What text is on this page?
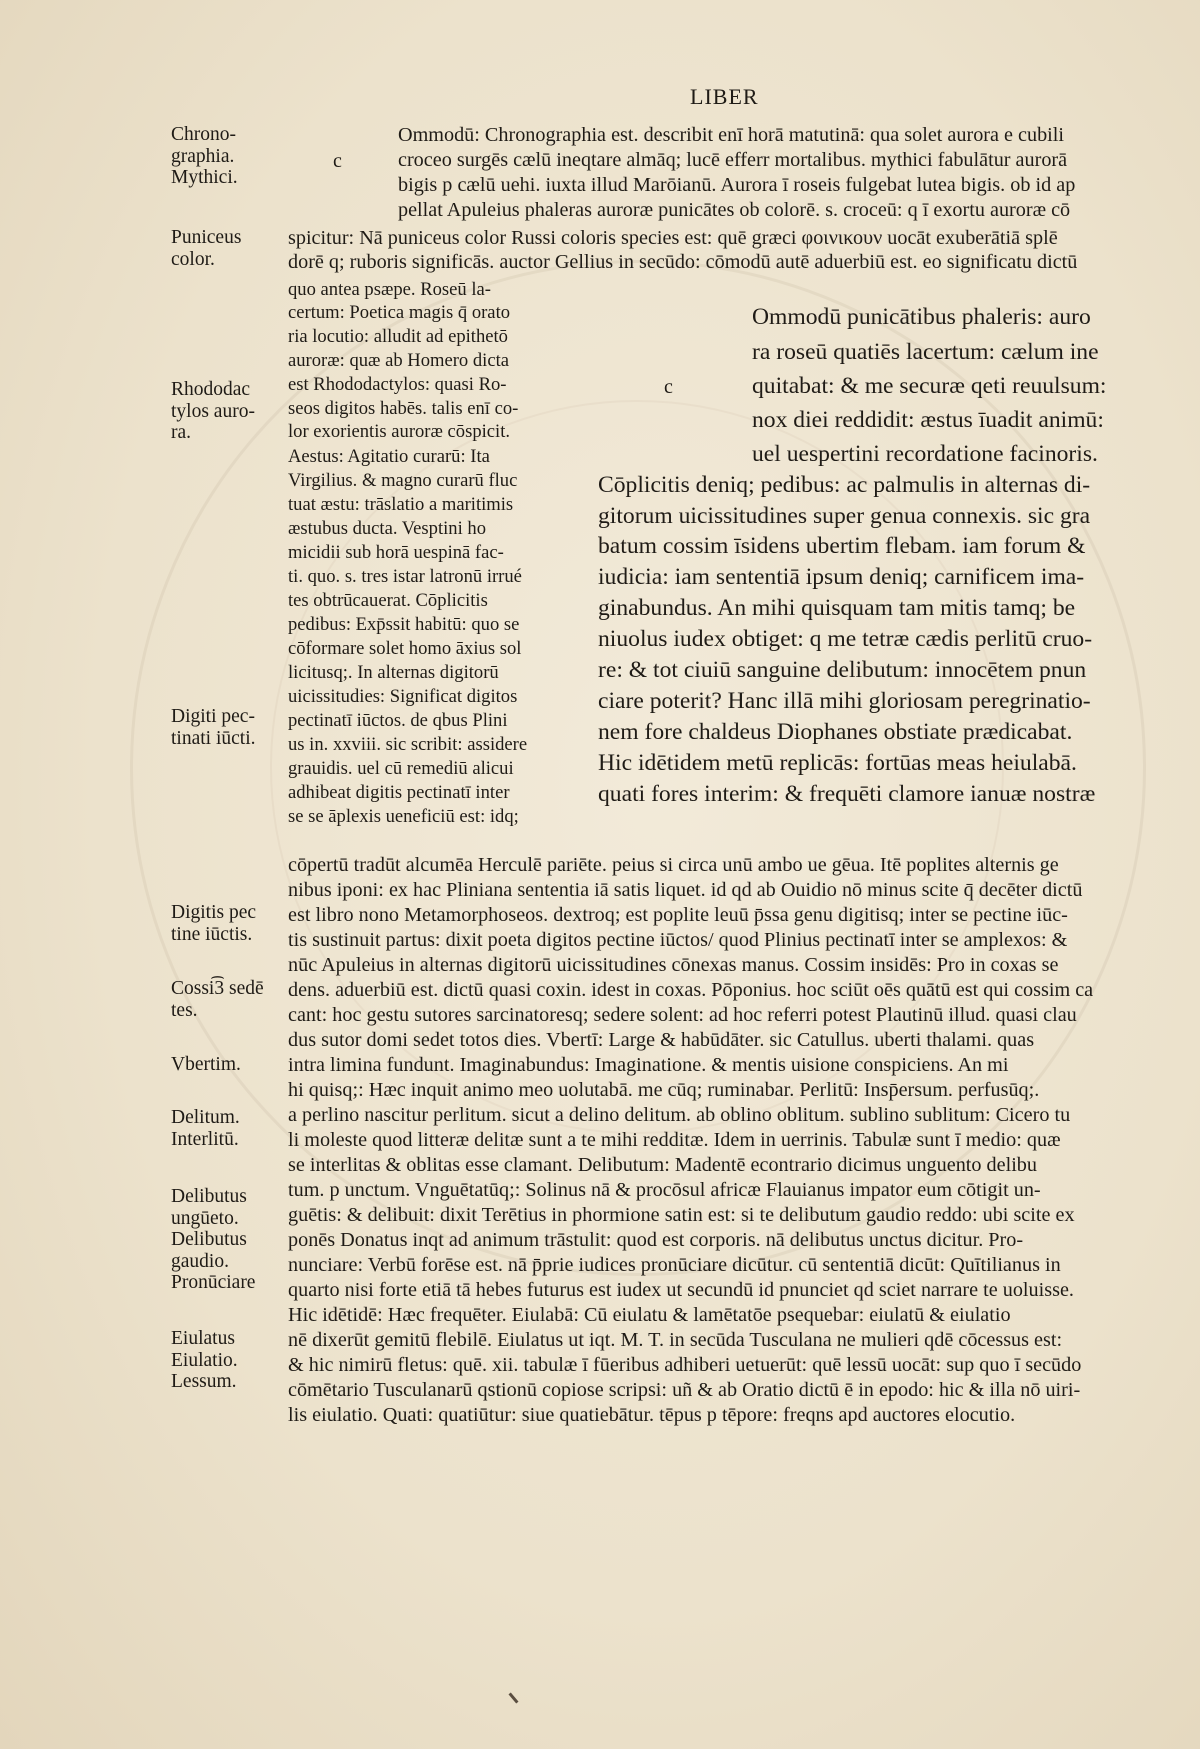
LIBER
c
c
Chrono-
graphia.
Mythici.
Puniceus
color.
Rhododac
tylos auro-
ra.
Digiti pec-
tinati iūcti.
Digitis pec
tine iūctis.
Cossi͡3 sedē
tes.
Vbertim.
Delitum.
Interlitū.
Delibutus
ungūeto.
Delibutus
gaudio.
Pronūciare
Eiulatus
Eiulatio.
Lessum.
Ommodū: Chronographia est. describit enī horā matutinā: qua solet aurora e cubili
croceo surgēs cælū ineqtare almāq; lucē efferr mortalibus. mythici fabulātur aurorā
bigis p cælū uehi. iuxta illud Marōianū. Aurora ī roseis fulgebat lutea bigis. ob id ap
pellat Apuleius phaleras auroræ punicātes ob colorē. s. croceū: q ī exortu auroræ cō
spicitur: Nā puniceus color Russi coloris species est: quē græci φοινικουν uocāt exuberātiā splē
dorē q; ruboris significās. auctor Gellius in secūdo: cōmodū autē aduerbiū est. eo significatu dictū
quo antea psæpe. Roseū la-
certum: Poetica magis q̄ orato
ria locutio: alludit ad epithetō
auroræ: quæ ab Homero dicta
est Rhododactylos: quasi Ro-
seos digitos habēs. talis enī co-
lor exorientis auroræ cōspicit.
Aestus: Agitatio curarū: Ita
Virgilius. & magno curarū fluc
tuat æstu: trāslatio a maritimis
æstubus ducta. Vesptini ho
micidii sub horā uespinā fac-
ti. quo. s. tres istar latronū irrué
tes obtrūcauerat. Cōplicitis
pedibus: Exp̄ssit habitū: quo se
cōformare solet homo āxius sol
licitusq;. In alternas digitorū
uicissitudies: Significat digitos
pectinatī iūctos. de qbus Plini
us in. xxviii. sic scribit: assidere
grauidis. uel cū remediū alicui
adhibeat digitis pectinatī inter
se se āplexis ueneficiū est: idq;
Ommodū punicātibus phaleris: auro
ra roseū quatiēs lacertum: cælum ine
quitabat: & me securæ qeti reuulsum:
nox diei reddidit: æstus īuadit animū:
uel uespertini recordatione facinoris.
Cōplicitis deniq; pedibus: ac palmulis in alternas di-
gitorum uicissitudines super genua connexis. sic gra
batum cossim īsidens ubertim flebam. iam forum &
iudicia: iam sententiā ipsum deniq; carnificem ima-
ginabundus. An mihi quisquam tam mitis tamq; be
niuolus iudex obtiget: q me tetræ cædis perlitū cruo-
re: & tot ciuiū sanguine delibutum: innocētem pnun
ciare poterit? Hanc illā mihi gloriosam peregrinatio-
nem fore chaldeus Diophanes obstiate prædicabat.
Hic idētidem metū replicās: fortūas meas heiulabā.
quati fores interim: & frequēti clamore ianuæ nostræ
cōpertū tradūt alcumēa Herculē pariēte. peius si circa unū ambo ue gēua. Itē poplites alternis ge
nibus iponi: ex hac Pliniana sententia iā satis liquet. id qd ab Ouidio nō minus scite q̄ decēter dictū
est libro nono Metamorphoseos. dextroq; est poplite leuū p̄ssa genu digitisq; inter se pectine iūc-
tis sustinuit partus: dixit poeta digitos pectine iūctos/ quod Plinius pectinatī inter se amplexos: &
nūc Apuleius in alternas digitorū uicissitudines cōnexas manus. Cossim insidēs: Pro in coxas se
dens. aduerbiū est. dictū quasi coxin. idest in coxas. Pōponius. hoc sciūt oēs quātū est qui cossim ca
cant: hoc gestu sutores sarcinatoresq; sedere solent: ad hoc referri potest Plautinū illud. quasi clau
dus sutor domi sedet totos dies. Vbertī: Large & habūdāter. sic Catullus. uberti thalami. quas
intra limina fundunt. Imaginabundus: Imaginatione. & mentis uisione conspiciens. An mi
hi quisq;: Hæc inquit animo meo uolutabā. me cūq; ruminabar. Perlitū: Insp̄ersum. perfusūq;.
a perlino nascitur perlitum. sicut a delino delitum. ab oblino oblitum. sublino sublitum: Cicero tu
li moleste quod litteræ delitæ sunt a te mihi redditæ. Idem in uerrinis. Tabulæ sunt ī medio: quæ
se interlitas & oblitas esse clamant. Delibutum: Madentē econtrario dicimus unguento delibu
tum. p unctum. Vnguētatūq;: Solinus nā & procōsul africæ Flauianus impator eum cōtigit un-
guētis: & delibuit: dixit Terētius in phormione satin est: si te delibutum gaudio reddo: ubi scite ex
ponēs Donatus inqt ad animum trāstulit: quod est corporis. nā delibutus unctus dicitur. Pro-
nunciare: Verbū forēse est. nā p̄prie iudices pronūciare dicūtur. cū sententiā dicūt: Quītilianus in
quarto nisi forte etiā tā hebes futurus est iudex ut secundū id pnunciet qd sciet narrare te uoluisse.
Hic idētidē: Hæc frequēter. Eiulabā: Cū eiulatu & lamētatōe psequebar: eiulatū & eiulatio
nē dixerūt gemitū flebilē. Eiulatus ut iqt. M. T. in secūda Tusculana ne mulieri qdē cōcessus est:
& hic nimirū fletus: quē. xii. tabulæ ī fūeribus adhiberi uetuerūt: quē lessū uocāt: sup quo ī secūdo
cōmētario Tusculanarū qstionū copiose scripsi: uñ & ab Oratio dictū ē in epodo: hic & illa nō uiri-
lis eiulatio. Quati: quatiūtur: siue quatiebātur. tēpus p tēpore: freqns apd auctores elocutio.
